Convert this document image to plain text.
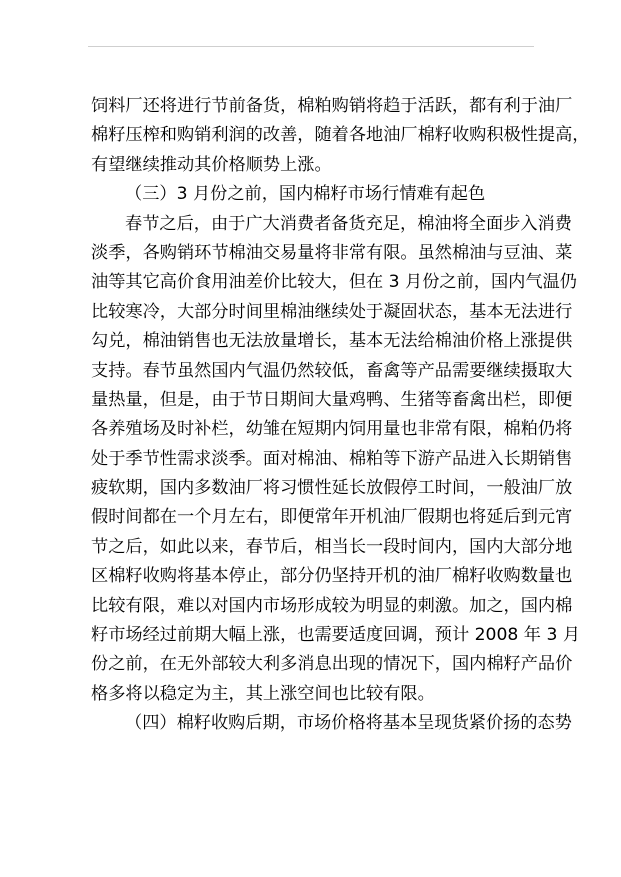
饲料厂还将进行节前备货，棉粕购销将趋于活跃，都有利于油厂
棉籽压榨和购销利润的改善，随着各地油厂棉籽收购积极性提高，
有望继续推动其价格顺势上涨。
（三）3 月份之前，国内棉籽市场行情难有起色
春节之后，由于广大消费者备货充足，棉油将全面步入消费
淡季，各购销环节棉油交易量将非常有限。虽然棉油与豆油、菜
油等其它高价食用油差价比较大，但在 3 月份之前，国内气温仍
比较寒冷，大部分时间里棉油继续处于凝固状态，基本无法进行
勾兑，棉油销售也无法放量增长，基本无法给棉油价格上涨提供
支持。春节虽然国内气温仍然较低，畜禽等产品需要继续摄取大
量热量，但是，由于节日期间大量鸡鸭、生猪等畜禽出栏，即便
各养殖场及时补栏，幼雏在短期内饲用量也非常有限，棉粕仍将
处于季节性需求淡季。面对棉油、棉粕等下游产品进入长期销售
疲软期，国内多数油厂将习惯性延长放假停工时间，一般油厂放
假时间都在一个月左右，即便常年开机油厂假期也将延后到元宵
节之后，如此以来，春节后，相当长一段时间内，国内大部分地
区棉籽收购将基本停止，部分仍坚持开机的油厂棉籽收购数量也
比较有限，难以对国内市场形成较为明显的刺激。加之，国内棉
籽市场经过前期大幅上涨，也需要适度回调，预计 2008 年 3 月
份之前，在无外部较大利多消息出现的情况下，国内棉籽产品价
格多将以稳定为主，其上涨空间也比较有限。
（四）棉籽收购后期，市场价格将基本呈现货紧价扬的态势
